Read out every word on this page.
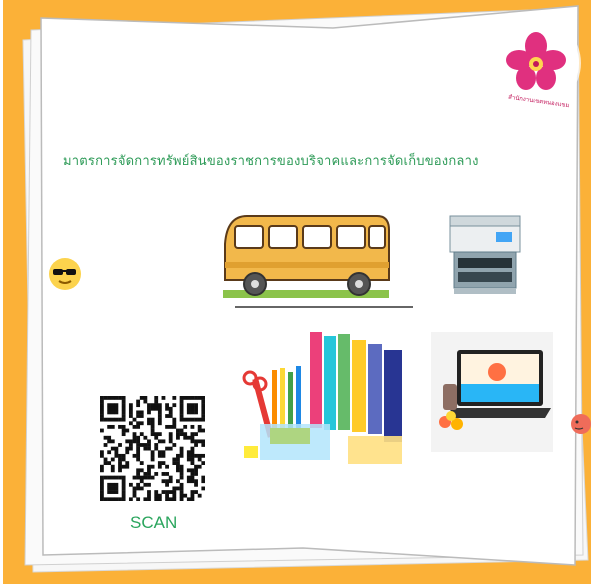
สำนักงานเขตหนองแขม
มาตรการจัดการทรัพย์สินของราชการของบริจาคและการจัดเก็บของกลาง
SCAN
